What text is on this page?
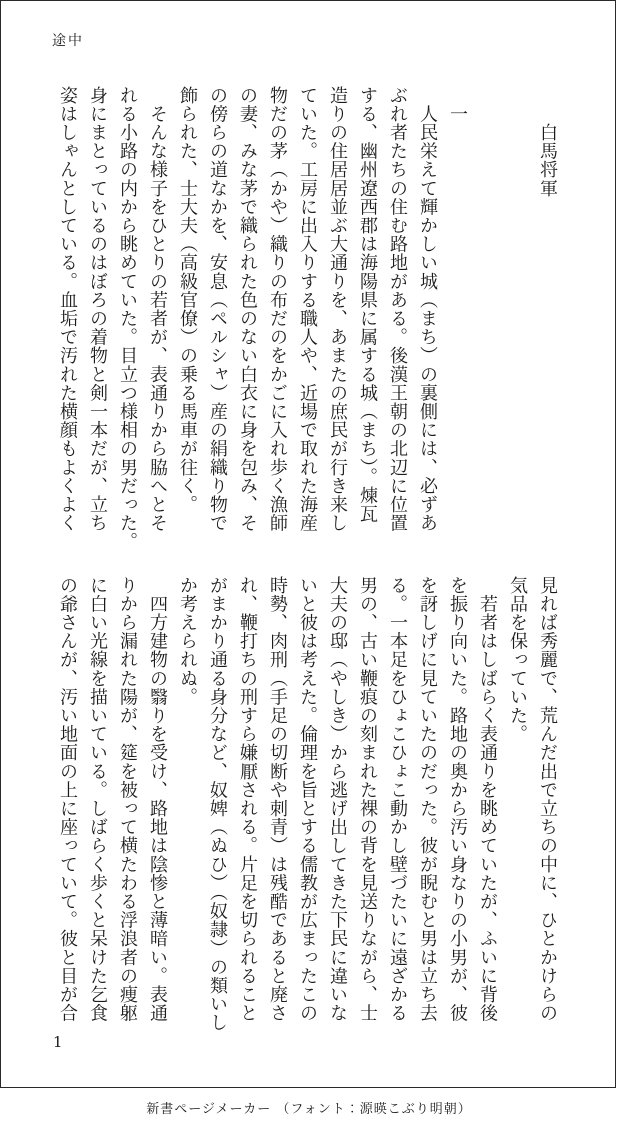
途中
　　白馬将軍

　一
　人民栄えて輝かしい城（まち）の裏側には、必ずあ
ぶれ者たちの住む路地がある。後漢王朝の北辺に位置
する、幽州遼西郡は海陽県に属する城（まち）。煉瓦
造りの住居居並ぶ大通りを、あまたの庶民が行き来し
ていた。工房に出入りする職人や、近場で取れた海産
物だの茅（かや）織りの布だのをかごに入れ歩く漁師
の妻、みな茅で織られた色のない白衣に身を包み、そ
の傍らの道なかを、安息（ペルシャ）産の絹織り物で
飾られた、士大夫（高級官僚）の乗る馬車が往く。
　そんな様子をひとりの若者が、表通りから脇へとそ
れる小路の内から眺めていた。目立つ様相の男だった。
身にまとっているのはぼろの着物と剣一本だが、立ち
姿はしゃんとしている。血垢で汚れた横顔もよくよく
見れば秀麗で、荒んだ出で立ちの中に、ひとかけらの
気品を保っていた。
　若者はしばらく表通りを眺めていたが、ふいに背後
を振り向いた。路地の奥から汚い身なりの小男が、彼
を訝しげに見ていたのだった。彼が睨むと男は立ち去
る。一本足をひょこひょこ動かし壁づたいに遠ざかる
男の、古い鞭痕の刻まれた裸の背を見送りながら、士
大夫の邸（やしき）から逃げ出してきた下民に違いな
いと彼は考えた。倫理を旨とする儒教が広まったこの
時勢、肉刑（手足の切断や刺青）は残酷であると廃さ
れ、鞭打ちの刑すら嫌厭される。片足を切られること
がまかり通る身分など、奴婢（ぬひ）（奴隷）の類いし
か考えられぬ。
　四方建物の翳りを受け、路地は陰惨と薄暗い。表通
りから漏れた陽が、筵を被って横たわる浮浪者の痩躯
に白い光線を描いている。しばらく歩くと呆けた乞食
の爺さんが、汚い地面の上に座っていて。彼と目が合
1
新書ページメーカー （フォント：源暎こぶり明朝）
